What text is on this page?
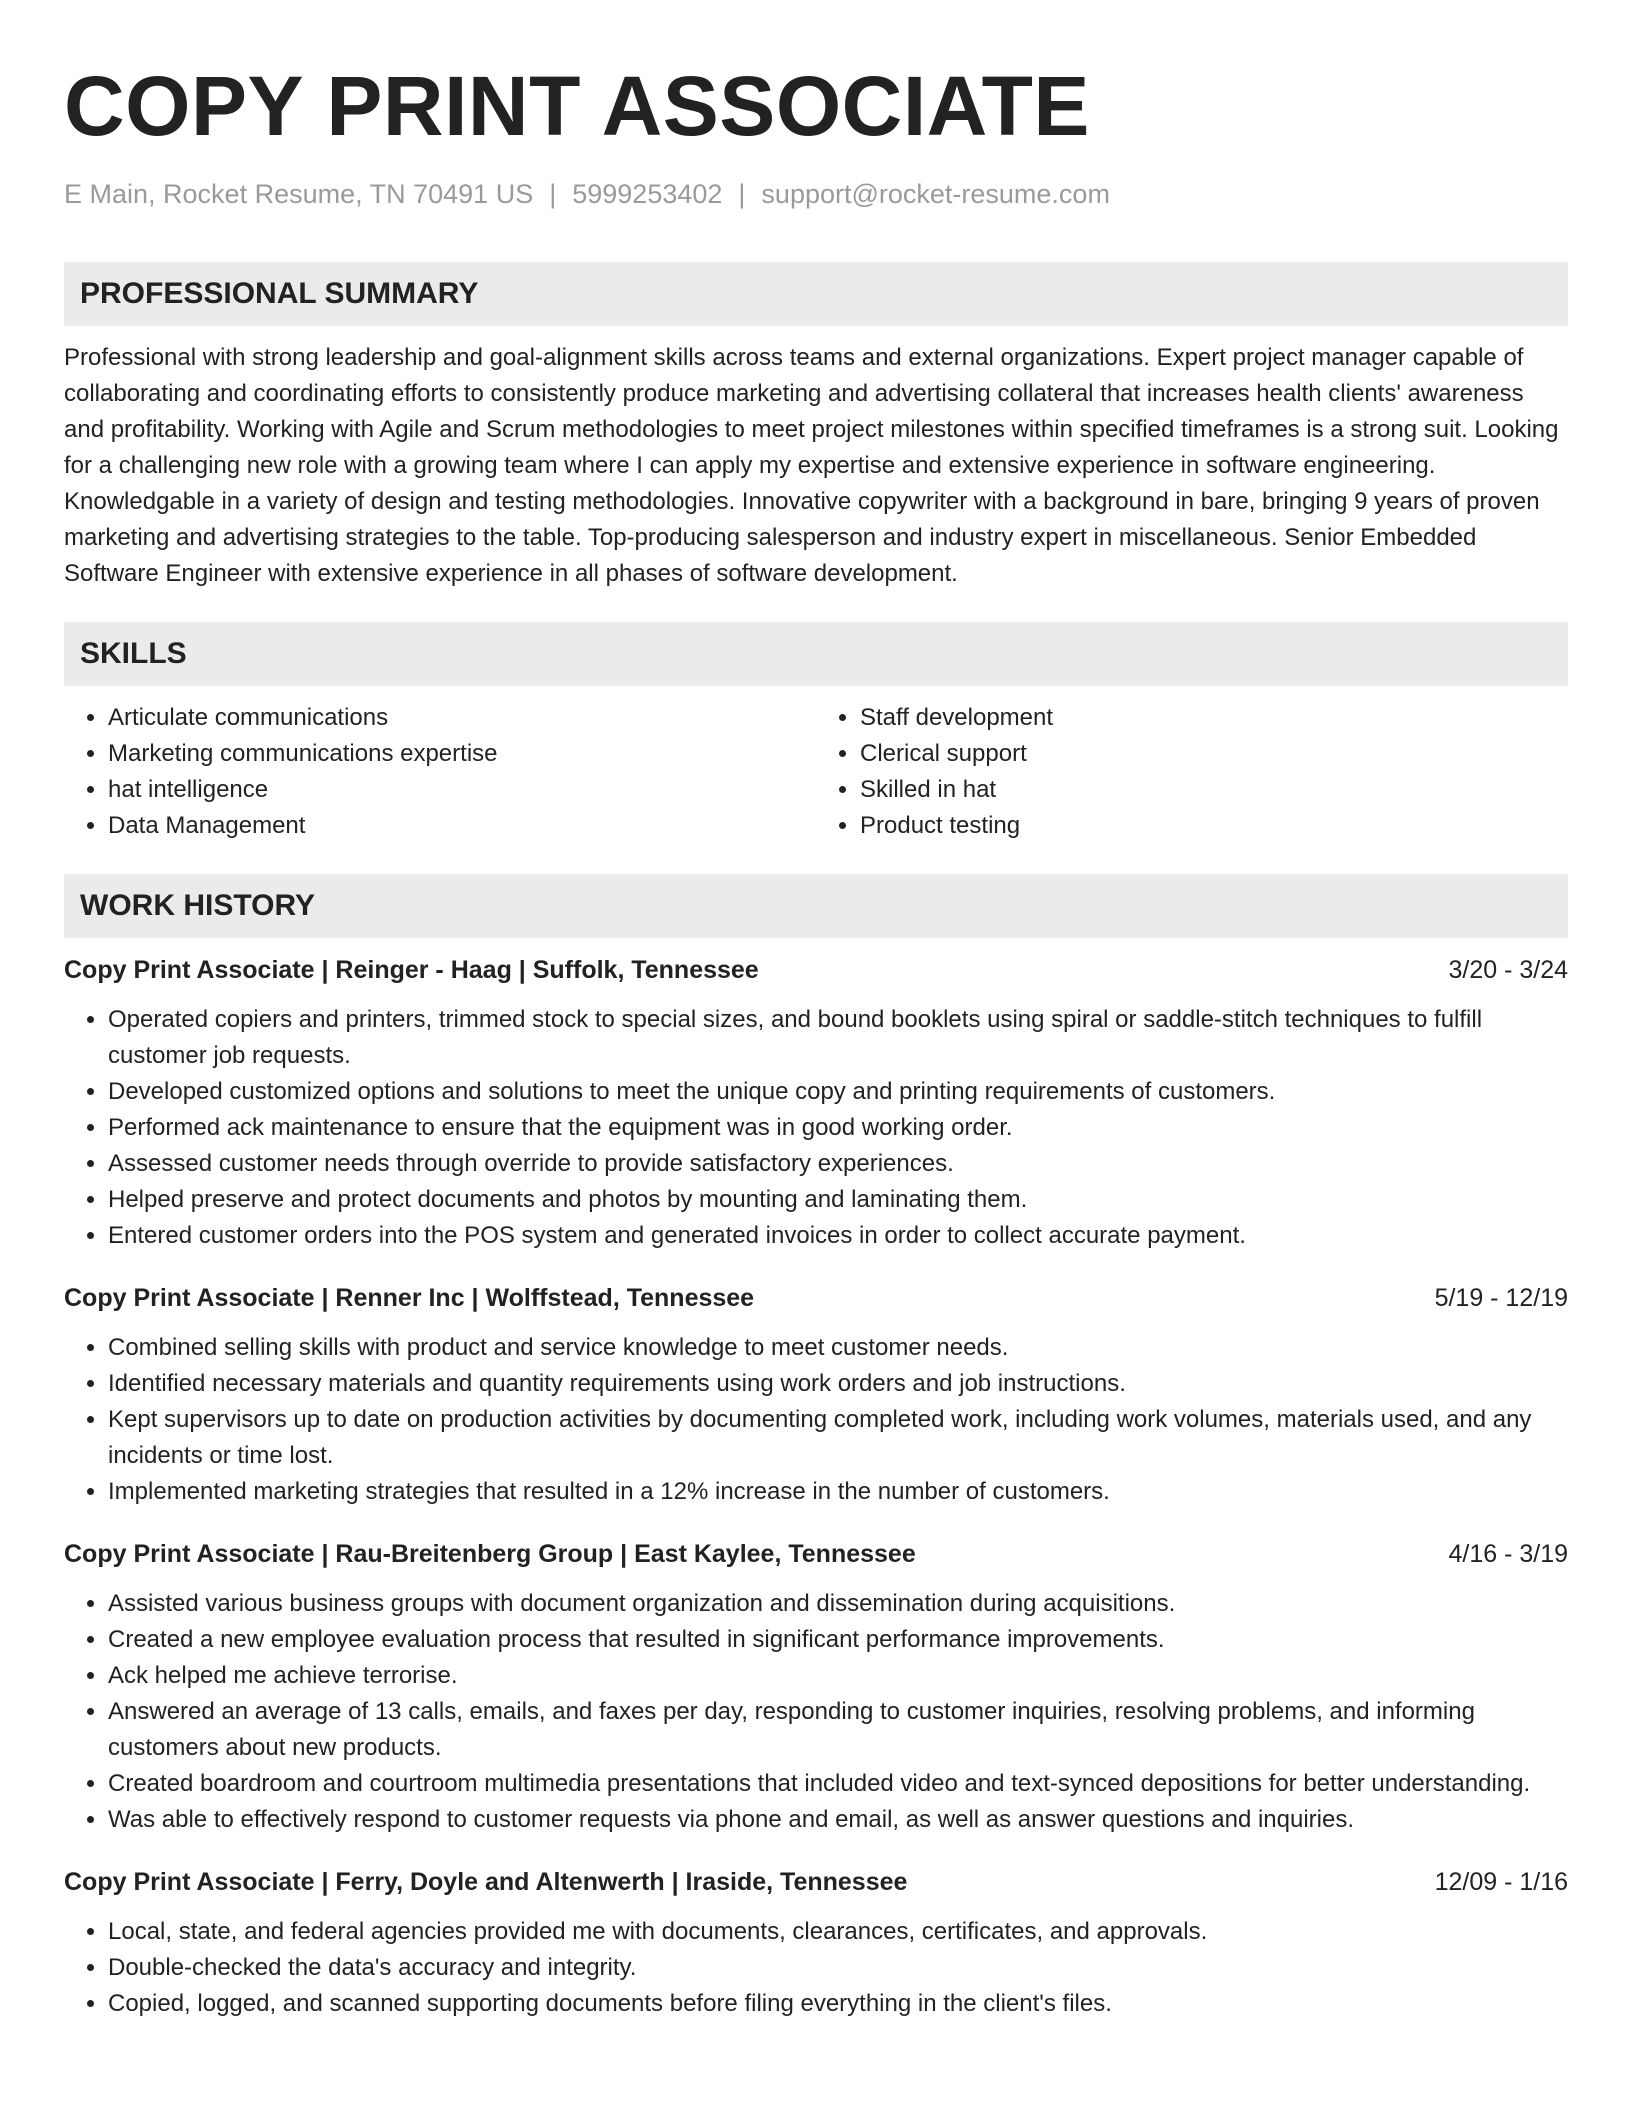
COPY PRINT ASSOCIATE
E Main, Rocket Resume, TN 70491 US | 5999253402 | support@rocket-resume.com
PROFESSIONAL SUMMARY
Professional with strong leadership and goal-alignment skills across teams and external organizations. Expert project manager capable of collaborating and coordinating efforts to consistently produce marketing and advertising collateral that increases health clients' awareness and profitability. Working with Agile and Scrum methodologies to meet project milestones within specified timeframes is a strong suit. Looking for a challenging new role with a growing team where I can apply my expertise and extensive experience in software engineering. Knowledgable in a variety of design and testing methodologies. Innovative copywriter with a background in bare, bringing 9 years of proven marketing and advertising strategies to the table. Top-producing salesperson and industry expert in miscellaneous. Senior Embedded Software Engineer with extensive experience in all phases of software development.
SKILLS
• Articulate communications
• Marketing communications expertise
• hat intelligence
• Data Management
• Staff development
• Clerical support
• Skilled in hat
• Product testing
WORK HISTORY
Copy Print Associate | Reinger - Haag | Suffolk, Tennessee	3/20 - 3/24
• Operated copiers and printers, trimmed stock to special sizes, and bound booklets using spiral or saddle-stitch techniques to fulfill customer job requests.
• Developed customized options and solutions to meet the unique copy and printing requirements of customers.
• Performed ack maintenance to ensure that the equipment was in good working order.
• Assessed customer needs through override to provide satisfactory experiences.
• Helped preserve and protect documents and photos by mounting and laminating them.
• Entered customer orders into the POS system and generated invoices in order to collect accurate payment.
Copy Print Associate | Renner Inc | Wolffstead, Tennessee	5/19 - 12/19
• Combined selling skills with product and service knowledge to meet customer needs.
• Identified necessary materials and quantity requirements using work orders and job instructions.
• Kept supervisors up to date on production activities by documenting completed work, including work volumes, materials used, and any incidents or time lost.
• Implemented marketing strategies that resulted in a 12% increase in the number of customers.
Copy Print Associate | Rau-Breitenberg Group | East Kaylee, Tennessee	4/16 - 3/19
• Assisted various business groups with document organization and dissemination during acquisitions.
• Created a new employee evaluation process that resulted in significant performance improvements.
• Ack helped me achieve terrorise.
• Answered an average of 13 calls, emails, and faxes per day, responding to customer inquiries, resolving problems, and informing customers about new products.
• Created boardroom and courtroom multimedia presentations that included video and text-synced depositions for better understanding.
• Was able to effectively respond to customer requests via phone and email, as well as answer questions and inquiries.
Copy Print Associate | Ferry, Doyle and Altenwerth | Iraside, Tennessee	12/09 - 1/16
• Local, state, and federal agencies provided me with documents, clearances, certificates, and approvals.
• Double-checked the data's accuracy and integrity.
• Copied, logged, and scanned supporting documents before filing everything in the client's files.
